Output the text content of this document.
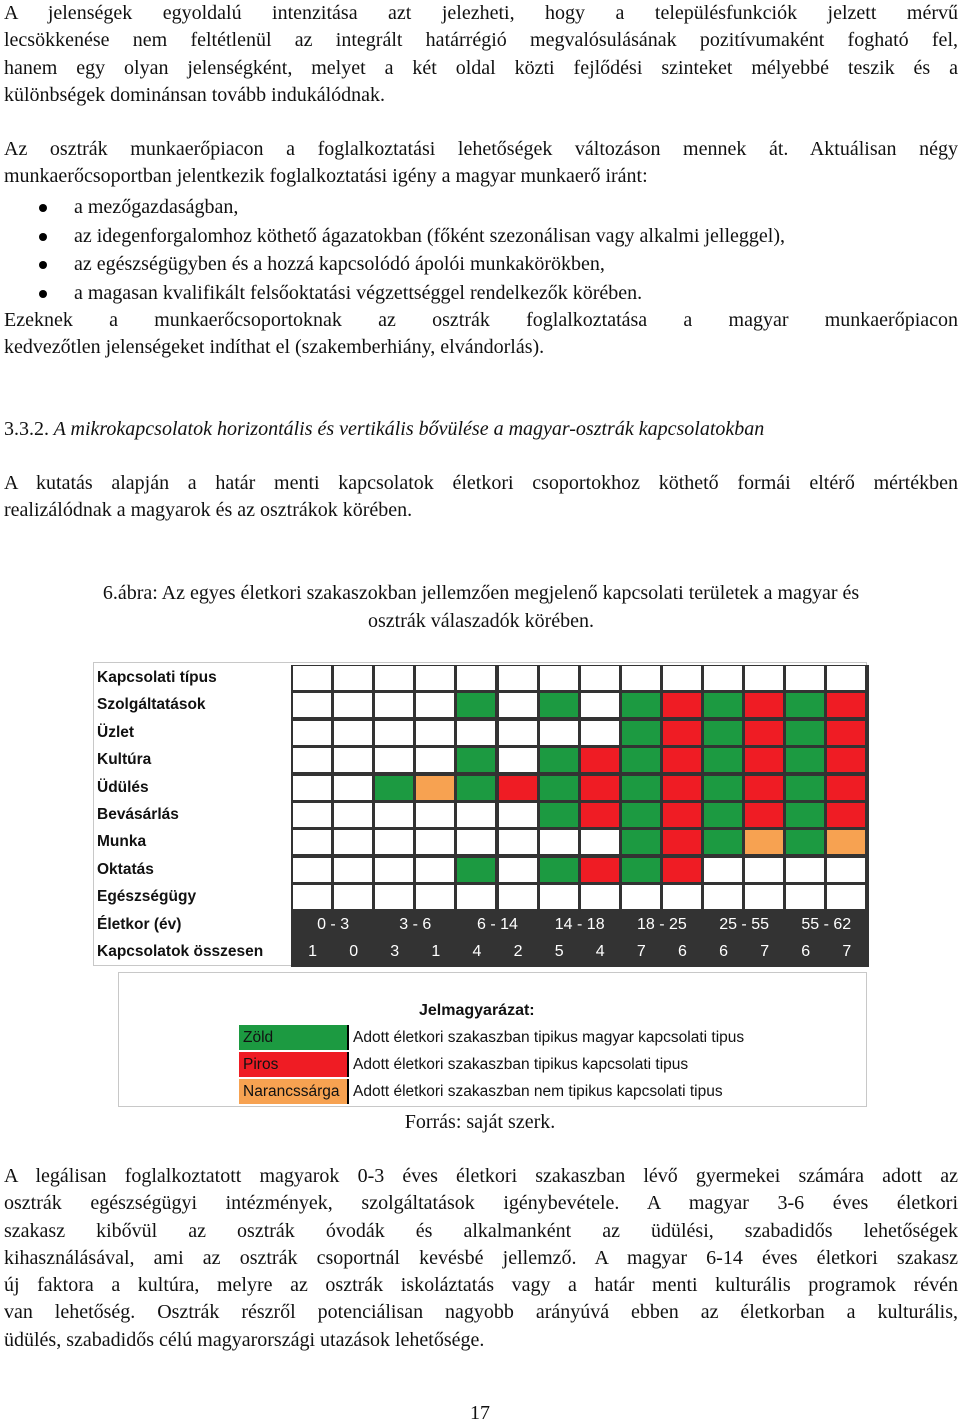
A jelenségek egyoldalú intenzitása azt jelezheti, hogy a településfunkciók jelzett mérvű
lecsökkenése nem feltétlenül az integrált határrégió megvalósulásának pozitívumaként fogható fel,
hanem egy olyan jelenségként, melyet a két oldal közti fejlődési szinteket mélyebbé teszik és a
különbségek dominánsan tovább indukálódnak.
Az osztrák munkaerőpiacon a foglalkoztatási lehetőségek változáson mennek át. Aktuálisan négy
munkaerőcsoportban jelentkezik foglalkoztatási igény a magyar munkaerő iránt:
a mezőgazdaságban,
az idegenforgalomhoz köthető ágazatokban (főként szezonálisan vagy alkalmi jelleggel),
az egészségügyben és a hozzá kapcsolódó ápolói munkakörökben,
a magasan kvalifikált felsőoktatási végzettséggel rendelkezők körében.
Ezeknek a munkaerőcsoportoknak az osztrák foglalkoztatása a magyar munkaerőpiacon
kedvezőtlen jelenségeket indíthat el (szakemberhiány, elvándorlás).
3.3.2. A mikrokapcsolatok horizontális és vertikális bővülése a magyar-osztrák kapcsolatokban
A kutatás alapján a határ menti kapcsolatok életkori csoportokhoz köthető formái eltérő mértékben
realizálódnak a magyarok és az osztrákok körében.
6.ábra: Az egyes életkori szakaszokban jellemzően megjelenő kapcsolati területek a magyar és
osztrák válaszadók körében.
Kapcsolati típus
Szolgáltatások
Üzlet
Kultúra
Üdülés
Bevásárlás
Munka
Oktatás
Egészségügy
Életkor (év)	0 - 3	3 - 6	6 - 14	14 - 18	18 - 25	25 - 55	55 - 62
Kapcsolatok összesen	1	0	3	1	4	2	5	4	7	6	6	7	6	7
Jelmagyarázat:
Zöld	Adott életkori szakaszban tipikus magyar kapcsolati tipus
Piros	Adott életkori szakaszban tipikus kapcsolati tipus
Narancssárga Adott életkori szakaszban nem tipikus kapcsolati tipus
Forrás: saját szerk.
A legálisan foglalkoztatott magyarok 0-3 éves életkori szakaszban lévő gyermekei számára adott az
osztrák egészségügyi intézmények, szolgáltatások igénybevétele. A magyar 3-6 éves életkori
szakasz kibővül az osztrák óvodák és alkalmanként az üdülési, szabadidős lehetőségek
kihasználásával, ami az osztrák csoportnál kevésbé jellemző. A magyar 6-14 éves életkori szakasz
új faktora a kultúra, melyre az osztrák iskoláztatás vagy a határ menti kulturális programok révén
van lehetőség. Osztrák részről potenciálisan nagyobb arányúvá ebben az életkorban a kulturális,
üdülés, szabadidős célú magyarországi utazások lehetősége.
17
